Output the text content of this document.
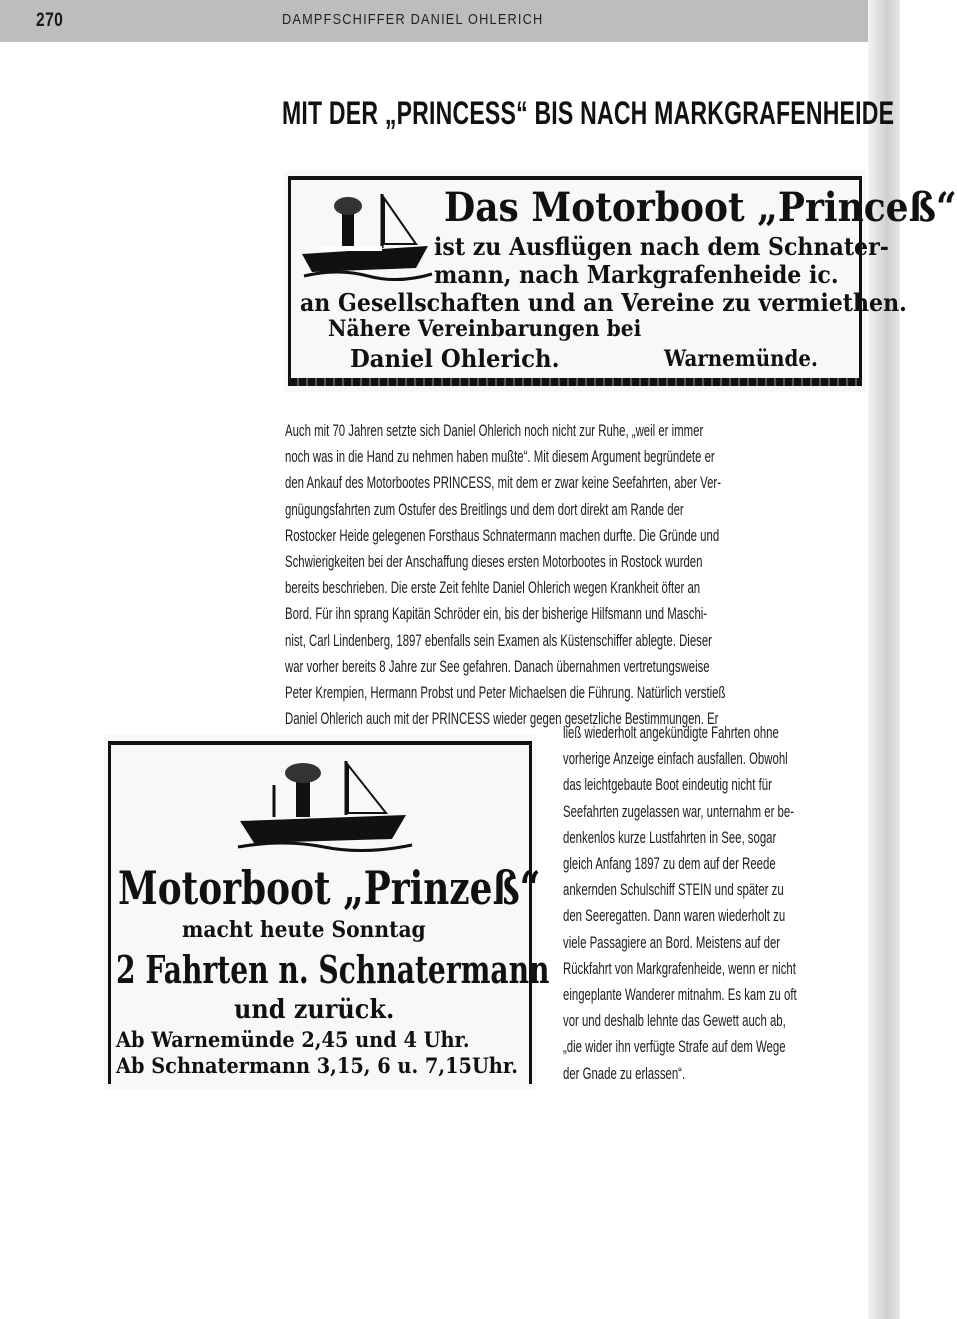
270	DAMPFSCHIFFER DANIEL OHLERICH
MIT DER „PRINCESS“ BIS NACH MARKGRAFENHEIDE
Das Motorboot „Princeß“
ist zu Ausflügen nach dem Schnater-
mann, nach Markgrafenheide ic.
an Gesellschaften und an Vereine zu vermiethen.
Nähere Vereinbarungen bei
Daniel Ohlerich.	Warnemünde.
Auch mit 70 Jahren setzte sich Daniel Ohlerich noch nicht zur Ruhe, „weil er immer
noch was in die Hand zu nehmen haben mußte“. Mit diesem Argument begründete er
den Ankauf des Motorbootes PRINCESS, mit dem er zwar keine Seefahrten, aber Ver-
gnügungsfahrten zum Ostufer des Breitlings und dem dort direkt am Rande der
Rostocker Heide gelegenen Forsthaus Schnatermann machen durfte. Die Gründe und
Schwierigkeiten bei der Anschaffung dieses ersten Motorbootes in Rostock wurden
bereits beschrieben. Die erste Zeit fehlte Daniel Ohlerich wegen Krankheit öfter an
Bord. Für ihn sprang Kapitän Schröder ein, bis der bisherige Hilfsmann und Maschi-
nist, Carl Lindenberg, 1897 ebenfalls sein Examen als Küstenschiffer ablegte. Dieser
war vorher bereits 8 Jahre zur See gefahren. Danach übernahmen vertretungsweise
Peter Krempien, Hermann Probst und Peter Michaelsen die Führung. Natürlich verstieß
Daniel Ohlerich auch mit der PRINCESS wieder gegen gesetzliche Bestimmungen. Er
Motorboot „Prinzeß“
macht heute Sonntag
2 Fahrten n. Schnatermann
und zurück.
Ab Warnemünde 2,45 und 4 Uhr.
Ab Schnatermann 3,15, 6 u. 7,15Uhr.
ließ wiederholt angekündigte Fahrten ohne
vorherige Anzeige einfach ausfallen. Obwohl
das leichtgebaute Boot eindeutig nicht für
Seefahrten zugelassen war, unternahm er be-
denkenlos kurze Lustfahrten in See, sogar
gleich Anfang 1897 zu dem auf der Reede
ankernden Schulschiff STEIN und später zu
den Seeregatten. Dann waren wiederholt zu
viele Passagiere an Bord. Meistens auf der
Rückfahrt von Markgrafenheide, wenn er nicht
eingeplante Wanderer mitnahm. Es kam zu oft
vor und deshalb lehnte das Gewett auch ab,
„die wider ihn verfügte Strafe auf dem Wege
der Gnade zu erlassen“.
